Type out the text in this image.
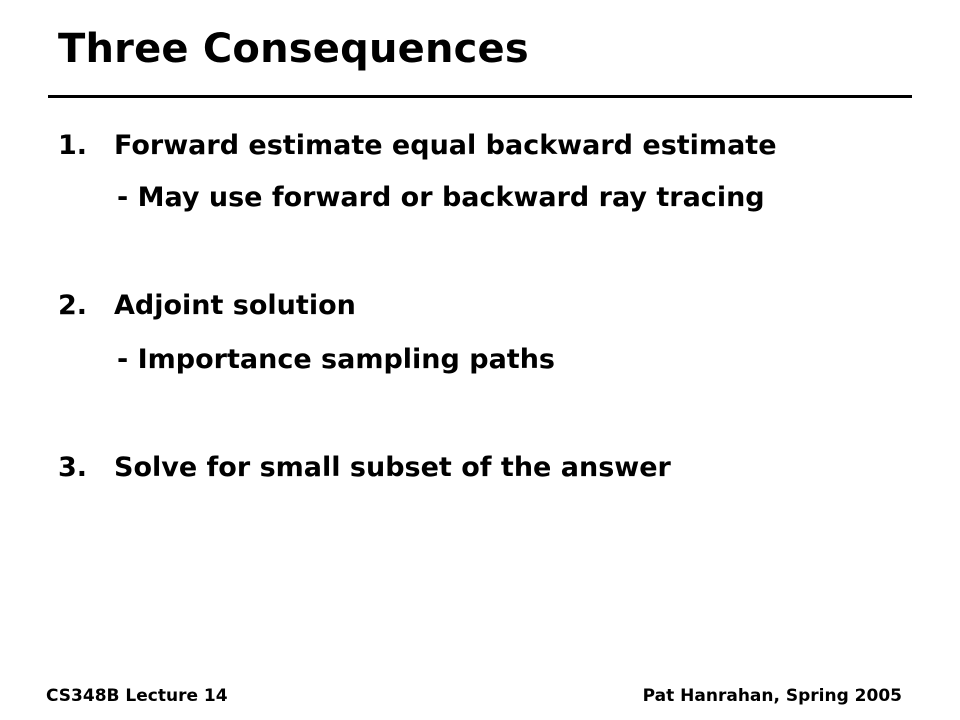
Three Consequences
1. Forward estimate equal backward estimate
- May use forward or backward ray tracing
2. Adjoint solution
- Importance sampling paths
3. Solve for small subset of the answer
CS348B Lecture 14	Pat Hanrahan, Spring 2005
